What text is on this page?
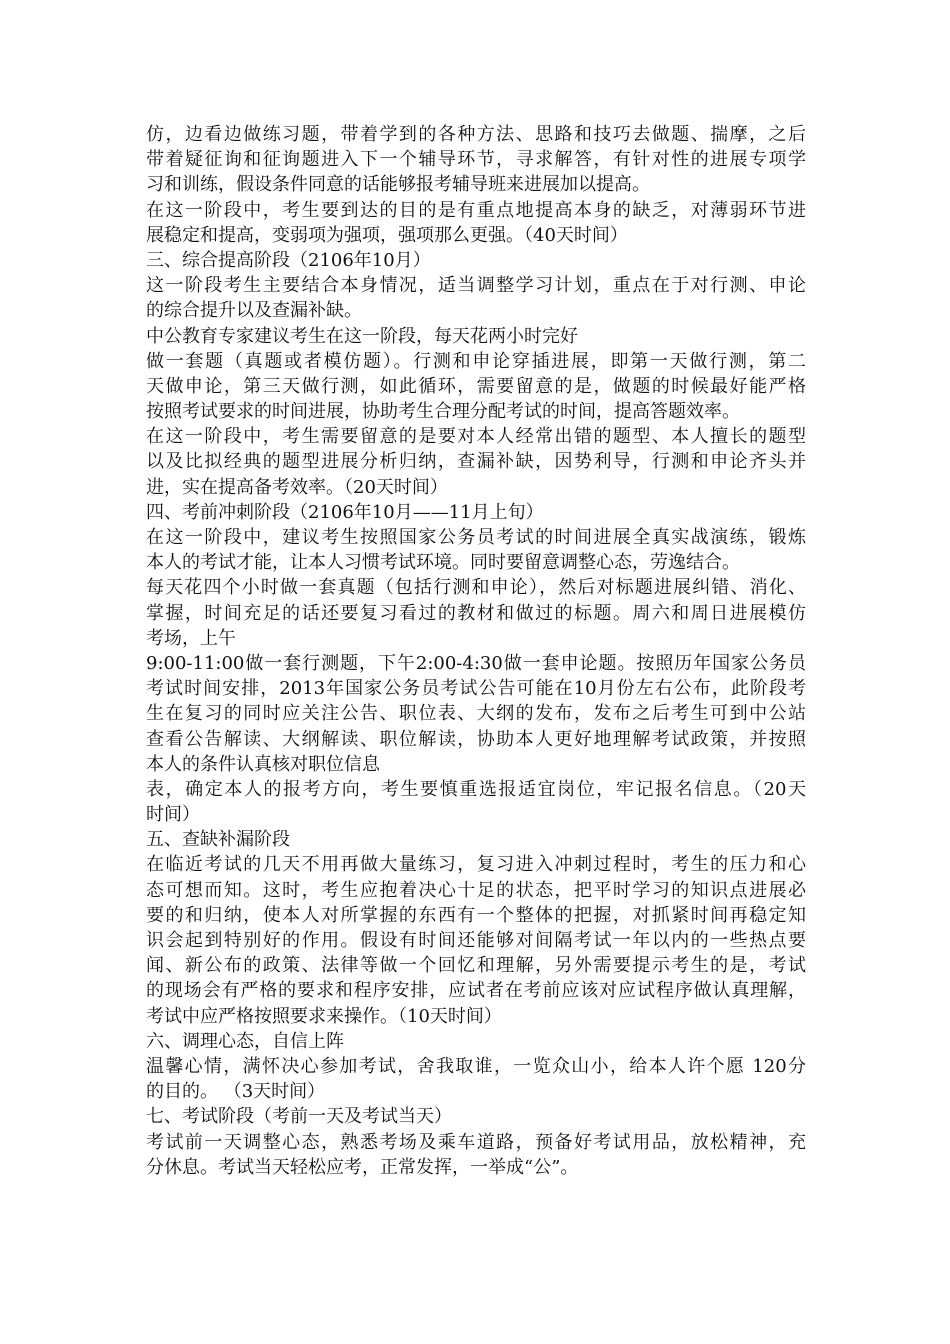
仿，边看边做练习题，带着学到的各种方法、思路和技巧去做题、揣摩，之后
带着疑征询和征询题进入下一个辅导环节，寻求解答，有针对性的进展专项学
习和训练，假设条件同意的话能够报考辅导班来进展加以提高。
在这一阶段中，考生要到达的目的是有重点地提高本身的缺乏，对薄弱环节进
展稳定和提高，变弱项为强项，强项那么更强。（40天时间）
三、综合提高阶段（2106年10月）
这一阶段考生主要结合本身情况，适当调整学习计划，重点在于对行测、申论
的综合提升以及查漏补缺。
中公教育专家建议考生在这一阶段，每天花两小时完好
做一套题（真题或者模仿题）。行测和申论穿插进展，即第一天做行测，第二
天做申论，第三天做行测，如此循环，需要留意的是，做题的时候最好能严格
按照考试要求的时间进展，协助考生合理分配考试的时间，提高答题效率。
在这一阶段中，考生需要留意的是要对本人经常出错的题型、本人擅长的题型
以及比拟经典的题型进展分析归纳，查漏补缺，因势利导，行测和申论齐头并
进，实在提高备考效率。（20天时间）
四、考前冲刺阶段（2106年10月——11月上旬）
在这一阶段中，建议考生按照国家公务员考试的时间进展全真实战演练，锻炼
本人的考试才能，让本人习惯考试环境。同时要留意调整心态，劳逸结合。
每天花四个小时做一套真题（包括行测和申论），然后对标题进展纠错、消化、
掌握，时间充足的话还要复习看过的教材和做过的标题。周六和周日进展模仿
考场，上午
9:00-11:00做一套行测题，下午2:00-4:30做一套申论题。按照历年国家公务员
考试时间安排，2013年国家公务员考试公告可能在10月份左右公布，此阶段考
生在复习的同时应关注公告、职位表、大纲的发布，发布之后考生可到中公站
查看公告解读、大纲解读、职位解读，协助本人更好地理解考试政策，并按照
本人的条件认真核对职位信息
表，确定本人的报考方向，考生要慎重选报适宜岗位，牢记报名信息。（20天
时间）
五、查缺补漏阶段
在临近考试的几天不用再做大量练习，复习进入冲刺过程时，考生的压力和心
态可想而知。这时，考生应抱着决心十足的状态，把平时学习的知识点进展必
要的和归纳，使本人对所掌握的东西有一个整体的把握，对抓紧时间再稳定知
识会起到特别好的作用。假设有时间还能够对间隔考试一年以内的一些热点要
闻、新公布的政策、法律等做一个回忆和理解，另外需要提示考生的是，考试
的现场会有严格的要求和程序安排，应试者在考前应该对应试程序做认真理解，
考试中应严格按照要求来操作。（10天时间）
六、调理心态，自信上阵
温馨心情，满怀决心参加考试，舍我取谁，一览众山小，给本人许个愿 120分
的目的。 （3天时间）
七、考试阶段（考前一天及考试当天）
考试前一天调整心态，熟悉考场及乘车道路，预备好考试用品，放松精神，充
分休息。考试当天轻松应考，正常发挥，一举成“公”。
